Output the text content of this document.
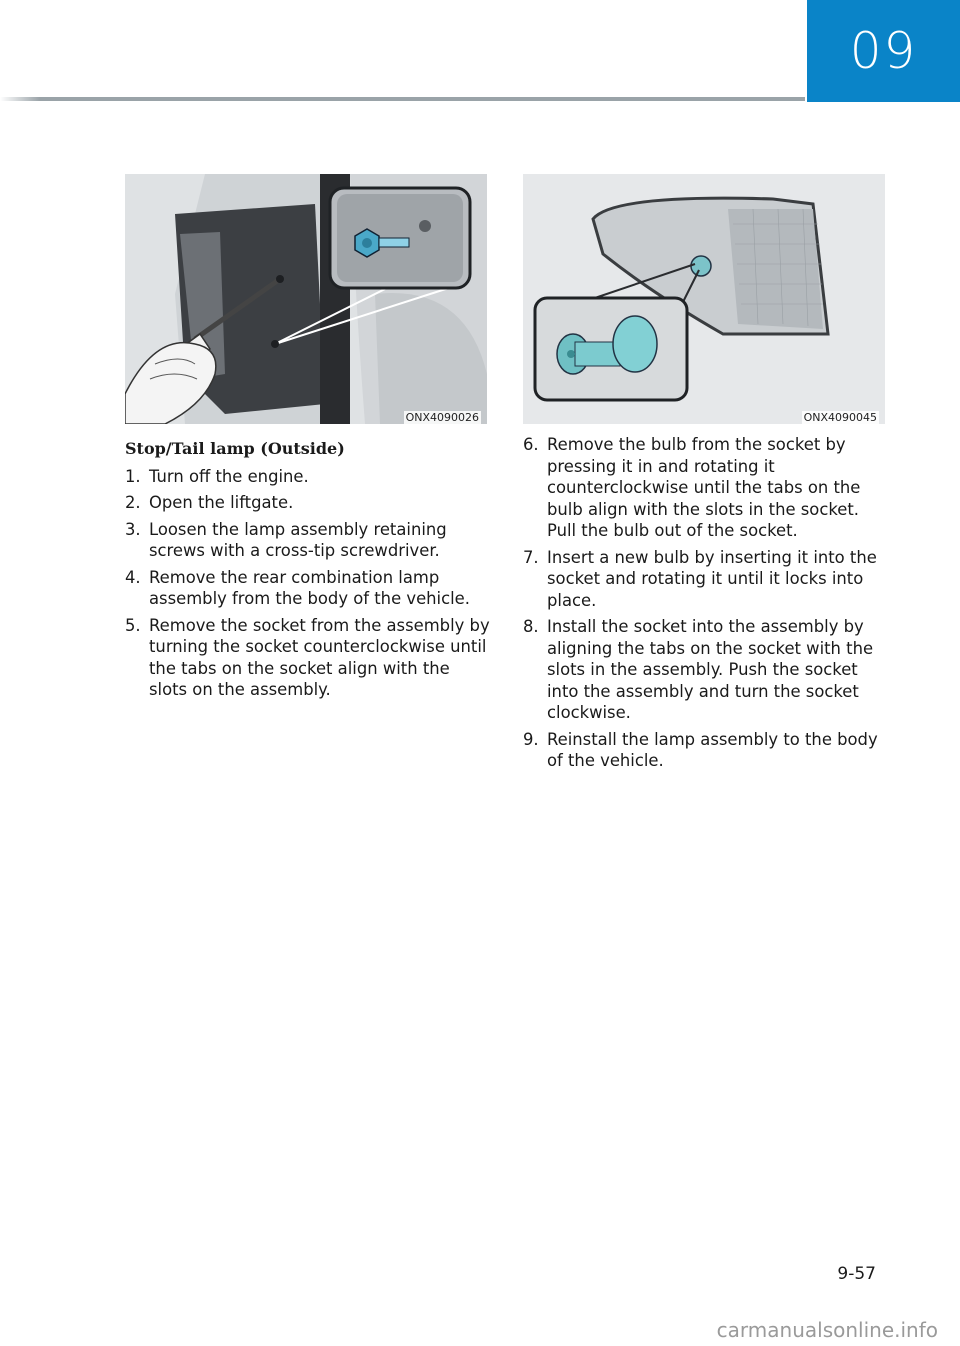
09
ONX4090026	ONX4090045
Stop/Tail lamp (Outside)
1. Turn off the engine.
2. Open the liftgate.
3. Loosen the lamp assembly retaining screws with a cross-tip screwdriver.
4. Remove the rear combination lamp assembly from the body of the vehicle.
5. Remove the socket from the assembly by turning the socket counterclockwise until the tabs on the socket align with the slots on the assembly.
6. Remove the bulb from the socket by pressing it in and rotating it counterclockwise until the tabs on the bulb align with the slots in the socket. Pull the bulb out of the socket.
7. Insert a new bulb by inserting it into the socket and rotating it until it locks into place.
8. Install the socket into the assembly by aligning the tabs on the socket with the slots in the assembly. Push the socket into the assembly and turn the socket clockwise.
9. Reinstall the lamp assembly to the body of the vehicle.
9-57
carmanualsonline.info
